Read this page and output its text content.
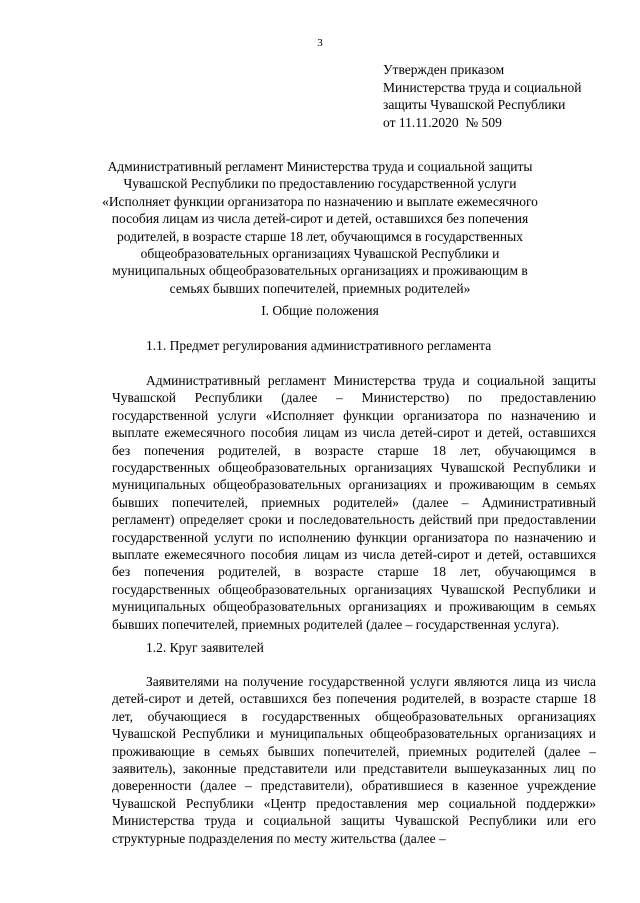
3
Утвержден приказом
Министерства труда и социальной
защиты Чувашской Республики
от 11.11.2020  № 509
Административный регламент Министерства труда и социальной защиты Чувашской Республики по предоставлению государственной услуги «Исполняет функции организатора по назначению и выплате ежемесячного пособия лицам из числа детей-сирот и детей, оставшихся без попечения родителей, в возрасте старше 18 лет, обучающимся в государственных общеобразовательных организациях Чувашской Республики и муниципальных общеобразовательных организациях и проживающим в семьях бывших попечителей, приемных родителей»
I. Общие положения
1.1. Предмет регулирования административного регламента
Административный регламент Министерства труда и социальной защиты Чувашской Республики (далее – Министерство) по предоставлению государственной услуги «Исполняет функции организатора по назначению и выплате ежемесячного пособия лицам из числа детей-сирот и детей, оставшихся без попечения родителей, в возрасте старше 18 лет, обучающимся в государственных общеобразовательных организациях Чувашской Республики и муниципальных общеобразовательных организациях и проживающим в семьях бывших попечителей, приемных родителей» (далее – Административный регламент) определяет сроки и последовательность действий при предоставлении государственной услуги по исполнению функции организатора по назначению и выплате ежемесячного пособия лицам из числа детей-сирот и детей, оставшихся без попечения родителей, в возрасте старше 18 лет, обучающимся в государственных общеобразовательных организациях Чувашской Республики и муниципальных общеобразовательных организациях и проживающим в семьях бывших попечителей, приемных родителей (далее – государственная услуга).
1.2. Круг заявителей
Заявителями на получение государственной услуги являются лица из числа детей-сирот и детей, оставшихся без попечения родителей, в возрасте старше 18 лет, обучающиеся в государственных общеобразовательных организациях Чувашской Республики и муниципальных общеобразовательных организациях и проживающие в семьях бывших попечителей, приемных родителей (далее – заявитель), законные представители или представители вышеуказанных лиц по доверенности (далее – представители), обратившиеся в казенное учреждение Чувашской Республики «Центр предоставления мер социальной поддержки» Министерства труда и социальной защиты Чувашской Республики или его структурные подразделения по месту жительства (далее –
